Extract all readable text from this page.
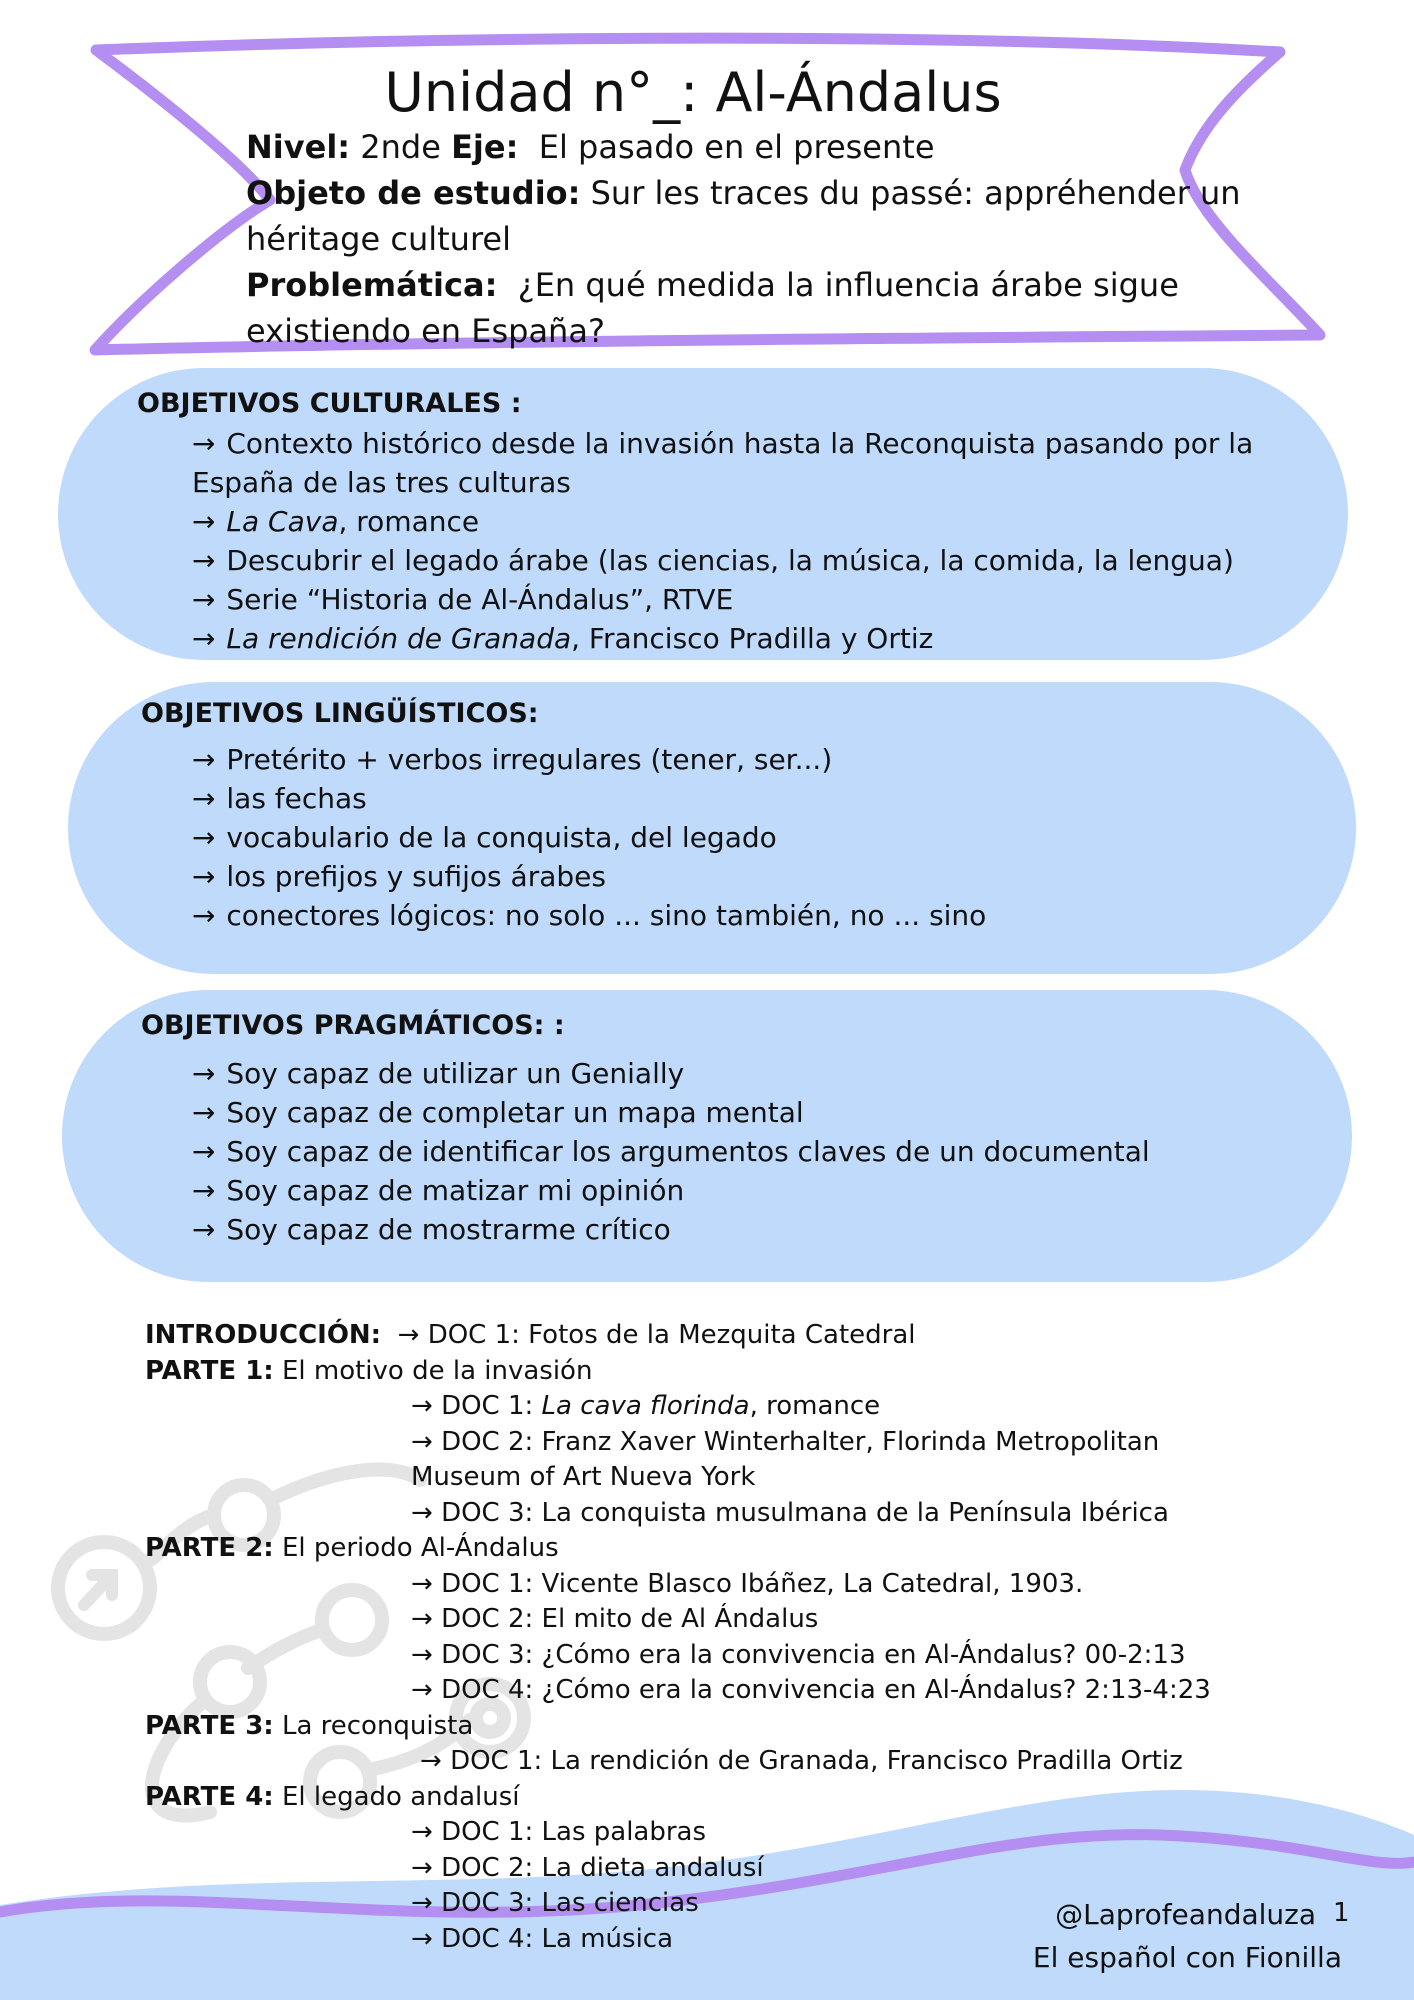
Unidad n°_: Al-Ándalus
Nivel: 2nde Eje: El pasado en el presente
Objeto de estudio: Sur les traces du passé: appréhender un héritage culturel
Problemática: ¿En qué medida la influencia árabe sigue existiendo en España?
OBJETIVOS CULTURALES :
→ Contexto histórico desde la invasión hasta la Reconquista pasando por la
España de las tres culturas
→ La Cava, romance
→ Descubrir el legado árabe (las ciencias, la música, la comida, la lengua)
→ Serie “Historia de Al-Ándalus”, RTVE
→ La rendición de Granada, Francisco Pradilla y Ortiz
OBJETIVOS LINGÜÍSTICOS:
→ Pretérito + verbos irregulares (tener, ser...)
→ las fechas
→ vocabulario de la conquista, del legado
→ los prefijos y sufijos árabes
→ conectores lógicos: no solo ... sino también, no ... sino
OBJETIVOS PRAGMÁTICOS: :
→ Soy capaz de utilizar un Genially
→ Soy capaz de completar un mapa mental
→ Soy capaz de identificar los argumentos claves de un documental
→ Soy capaz de matizar mi opinión
→ Soy capaz de mostrarme crítico
INTRODUCCIÓN: → DOC 1: Fotos de la Mezquita Catedral
PARTE 1: El motivo de la invasión
→ DOC 1: La cava florinda, romance
→ DOC 2: Franz Xaver Winterhalter, Florinda Metropolitan
Museum of Art Nueva York
→ DOC 3: La conquista musulmana de la Península Ibérica
PARTE 2: El periodo Al-Ándalus
→ DOC 1: Vicente Blasco Ibáñez, La Catedral, 1903.
→ DOC 2: El mito de Al Ándalus
→ DOC 3: ¿Cómo era la convivencia en Al-Ándalus? 00-2:13
→ DOC 4: ¿Cómo era la convivencia en Al-Ándalus? 2:13-4:23
PARTE 3: La reconquista
→ DOC 1: La rendición de Granada, Francisco Pradilla Ortiz
PARTE 4: El legado andalusí
→ DOC 1: Las palabras
→ DOC 2: La dieta andalusí
→ DOC 3: Las ciencias
→ DOC 4: La música
@Laprofeandaluza 1
El español con Fionilla
